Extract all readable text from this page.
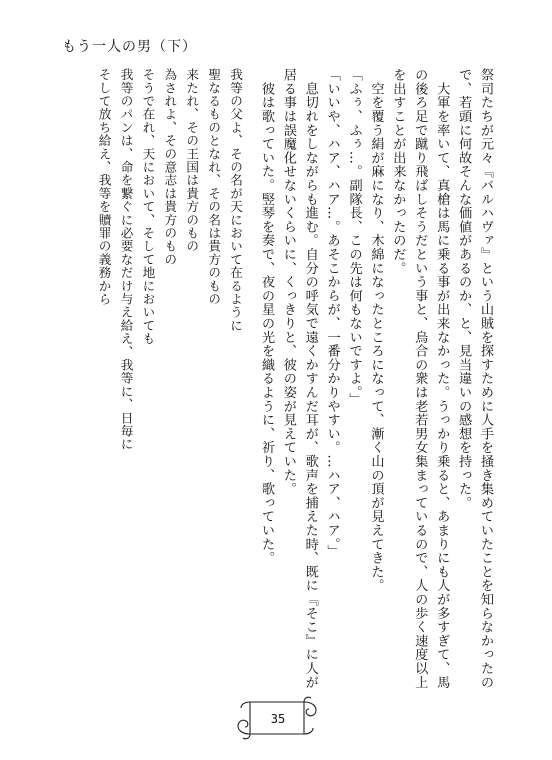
もう一人の男（下）
祭司たちが元々『バルハヴァ』という山賊を探すために人手を掻き集めていたことを知らなかったの
で、若頭に何故そんな価値があるのか、と、見当違いの感想を持った。
　大軍を率いて、真槍は馬に乗る事が出来なかった。うっかり乗ると、あまりにも人が多すぎて、馬
の後ろ足で蹴り飛ばしそうだという事と、烏合の衆は老若男女集まっているので、人の歩く速度以上
を出すことが出来なかったのだ。
　空を覆う絹が麻になり、木綿になったところになって、漸く山の頂が見えてきた。
「ふぅ、ふぅ…。副隊長、この先は何もないですよ。」
「いいや、ハア、ハア…。あそこからが、一番分かりやすい。…ハア、ハア。」
　息切れをしながらも進む。自分の呼気で遠くかすんだ耳が、歌声を捕えた時、既に『そこ』に人が
居る事は誤魔化せないくらいに、くっきりと、彼の姿が見えていた。
　彼は歌っていた。竪琴を奏で、夜の星の光を織るように、祈り、歌っていた。
我等の父よ、その名が天において在るように
聖なるものとなれ、その名は貴方のもの
来たれ、その王国は貴方のもの
為されよ、その意志は貴方のもの
そうで在れ、天において、そして地においても
我等のパンは、命を繋ぐに必要なだけ与え給え、我等に、日毎に
そして放ち給え、我等を贖罪の義務から
35
